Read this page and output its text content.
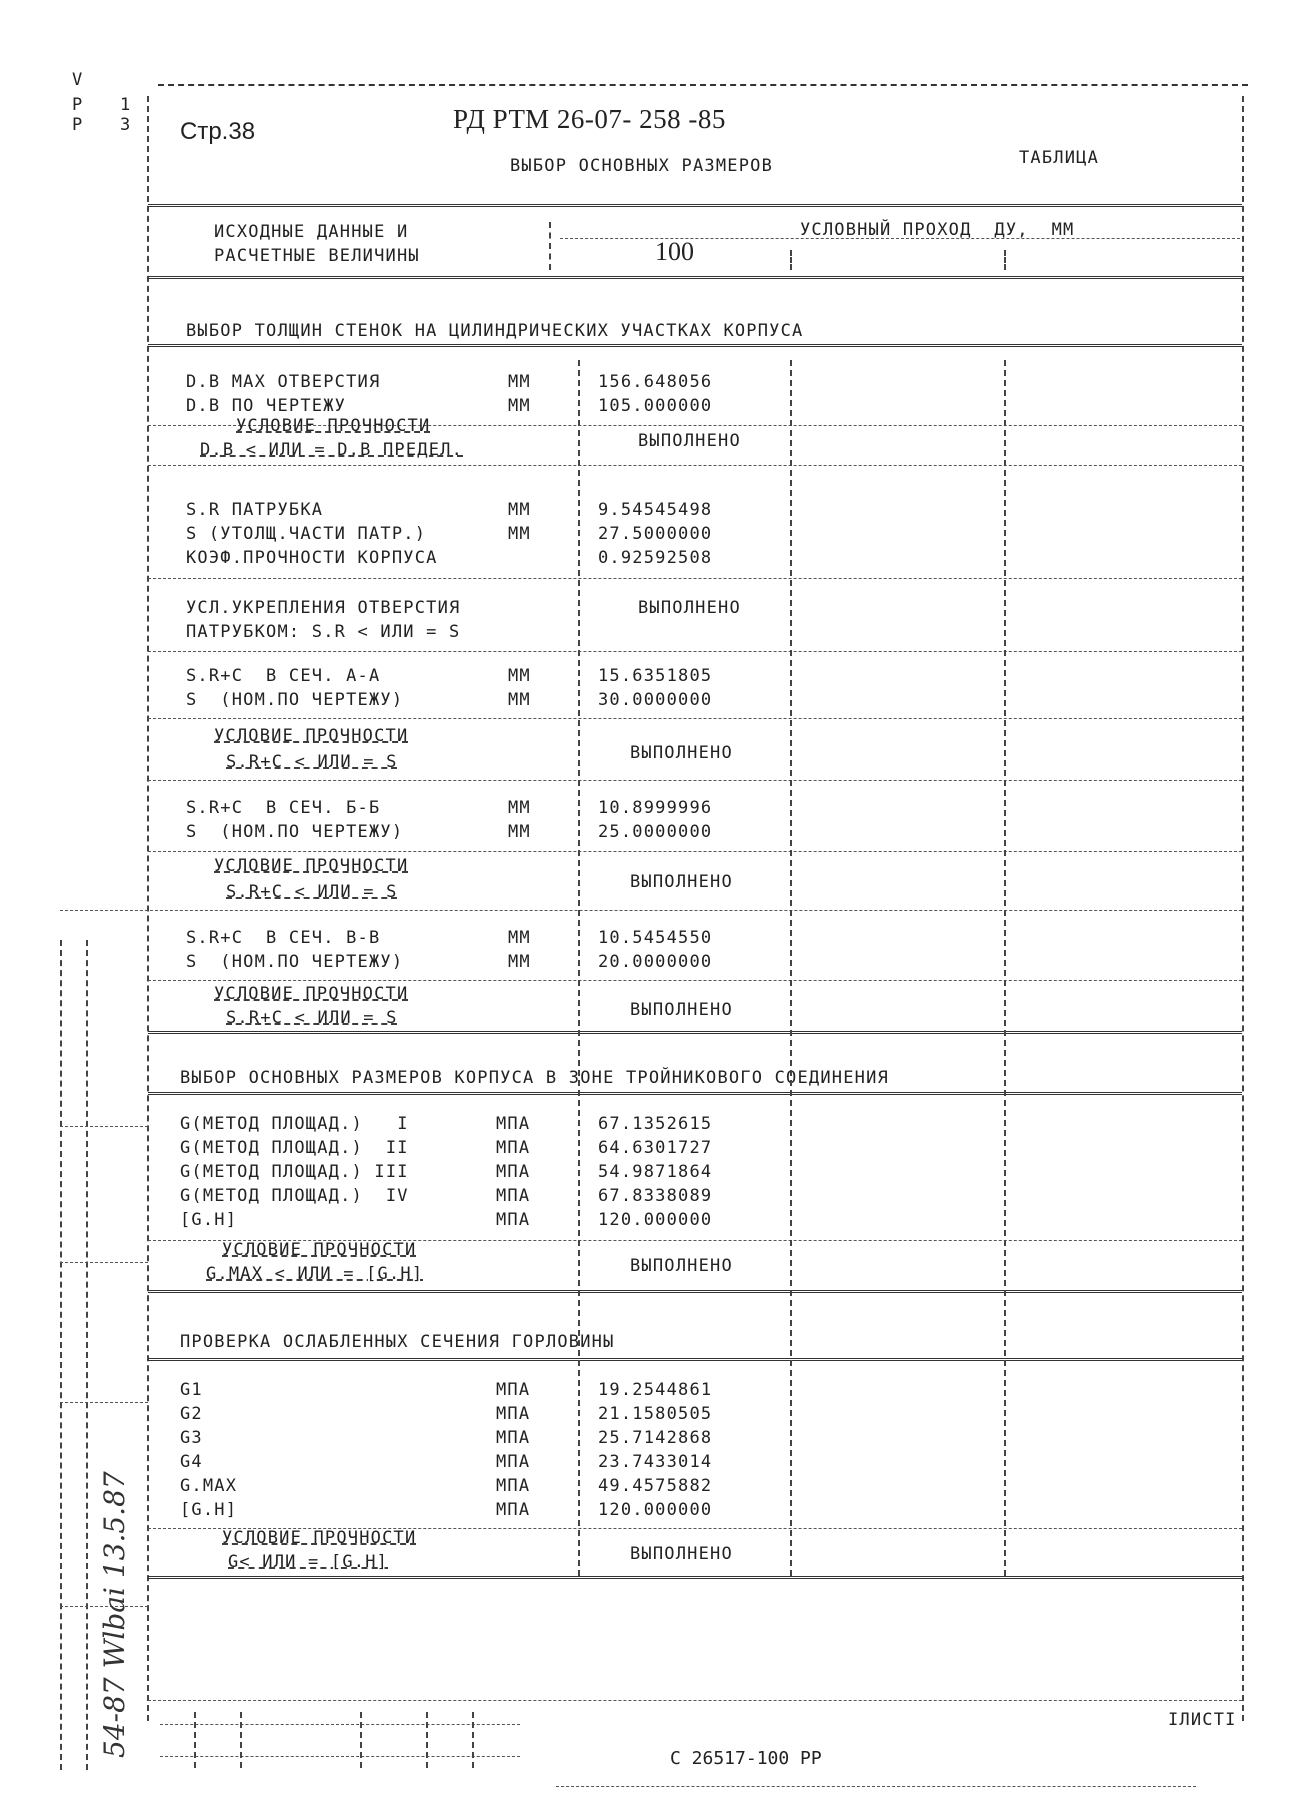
V
P
P
1
3 Стр.38	РД РТМ 26-07- 258 -85
ВЫБОР ОСНОВНЫХ РАЗМЕРОВ	ТАБЛИЦА
ИСХОДНЫЕ ДАННЫЕ И
РАСЧЕТНЫЕ ВЕЛИЧИНЫ
УСЛОВНЫЙ ПРОХОД  ДУ,  ММ
100
ВЫБОР ТОЛЩИН СТЕНОК НА ЦИЛИНДРИЧЕСКИХ УЧАСТКАХ КОРПУСА
D.В MAX ОТВЕРСТИЯ	ММ	156.648056
D.В ПО ЧЕРТЕЖУ	ММ	105.000000
УСЛОВИЕ ПРОЧНОСТИ
D.В < ИЛИ = D.В ПРЕДЕЛ.	ВЫПОЛНЕНО
S.R ПАТРУБКА	ММ	9.54545498
S (УТОЛЩ.ЧАСТИ ПАТР.)	ММ	27.5000000
КОЭФ.ПРОЧНОСТИ КОРПУСА	0.92592508
УСЛ.УКРЕПЛЕНИЯ ОТВЕРСТИЯ
ПАТРУБКОМ: S.R < ИЛИ = S
ВЫПОЛНЕНО
S.R+C  В СЕЧ. А-А	ММ	15.6351805
S  (НОМ.ПО ЧЕРТЕЖУ)	ММ	30.0000000
УСЛОВИЕ ПРОЧНОСТИ
S.R+C < ИЛИ = S	ВЫПОЛНЕНО
S.R+C  В СЕЧ. Б-Б	ММ	10.8999996
S  (НОМ.ПО ЧЕРТЕЖУ)	ММ	25.0000000
УСЛОВИЕ ПРОЧНОСТИ
S.R+C < ИЛИ = S	ВЫПОЛНЕНО
S.R+C  В СЕЧ. В-В	ММ	10.5454550
S  (НОМ.ПО ЧЕРТЕЖУ)	ММ	20.0000000
УСЛОВИЕ ПРОЧНОСТИ
S.R+C < ИЛИ = S	ВЫПОЛНЕНО
ВЫБОР ОСНОВНЫХ РАЗМЕРОВ КОРПУСА В ЗОНЕ ТРОЙНИКОВОГО СОЕДИНЕНИЯ
G(МЕТОД ПЛОЩАД.)   I	МПА	67.1352615
G(МЕТОД ПЛОЩАД.)  II	МПА	64.6301727
G(МЕТОД ПЛОЩАД.) III	МПА	54.9871864
G(МЕТОД ПЛОЩАД.)  IV	МПА	67.8338089
[G.H]	МПА	120.000000
УСЛОВИЕ ПРОЧНОСТИ
G.MAX < ИЛИ = [G.H]	ВЫПОЛНЕНО
ПРОВЕРКА ОСЛАБЛЕННЫХ СЕЧЕНИЯ ГОРЛОВИНЫ
G1	МПА	19.2544861
G2	МПА	21.1580505
G3	МПА	25.7142868
G4	МПА	23.7433014
G.MAX	МПА	49.4575882
[G.H]	МПА	120.000000
УСЛОВИЕ ПРОЧНОСТИ
G< ИЛИ = [G.H]	ВЫПОЛНЕНО
IЛИСТI
С 26517-100 РР
54-87 Wlbai 13.5.87
